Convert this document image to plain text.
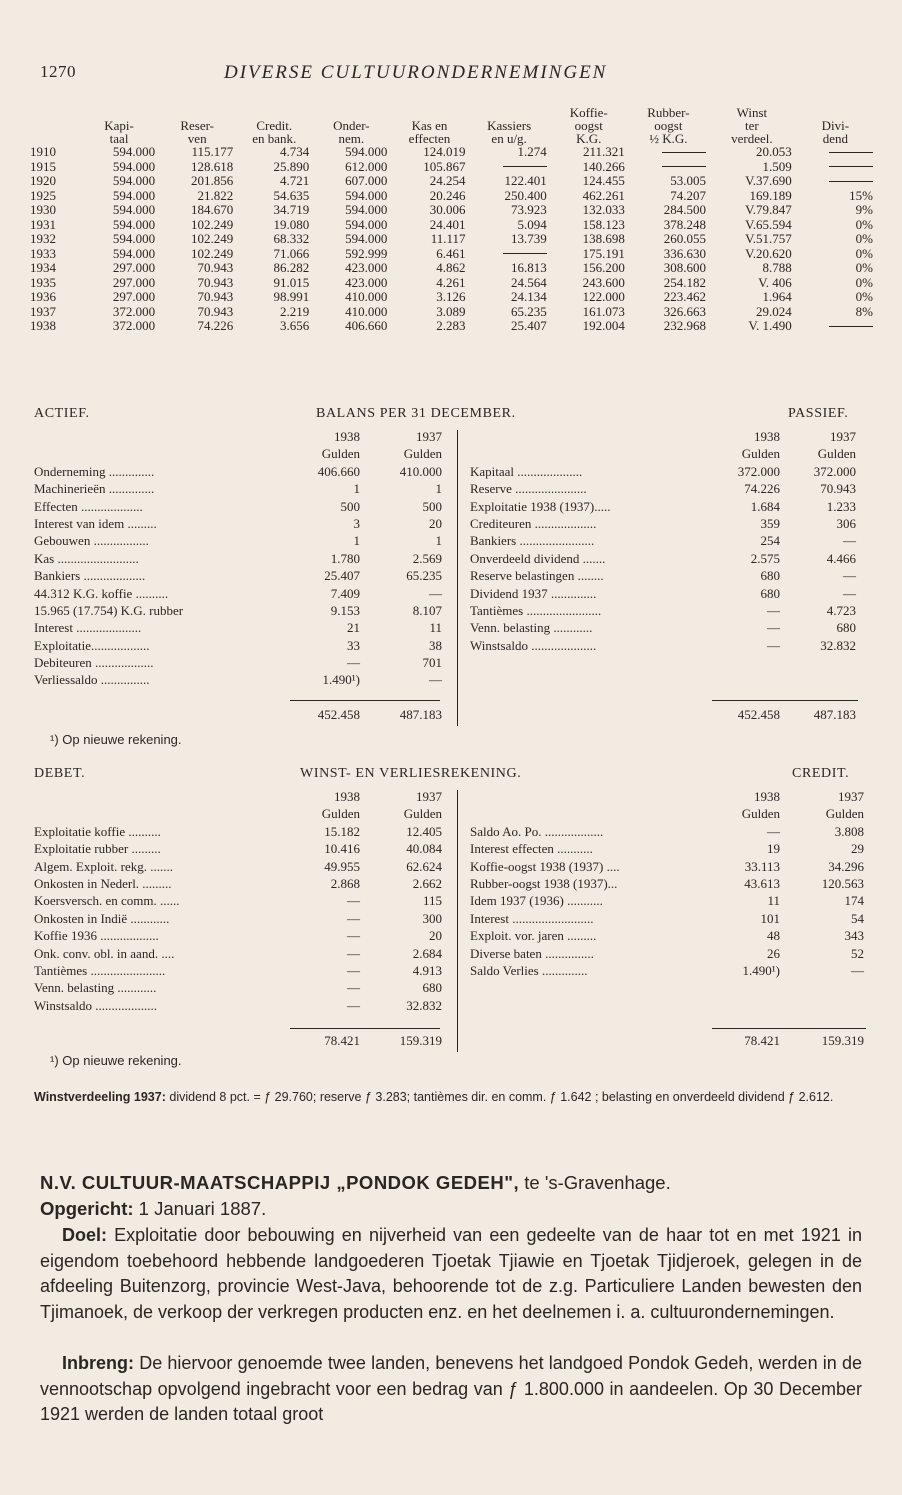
1270	DIVERSE CULTUURONDERNEMINGEN
							Koffie-	Rubber-	Winst	
	Kapi-	Reser-	Credit.	Onder-	Kas en	Kassiers	oogst	oogst	ter	Divi-
	taal	ven	en bank.	nem.	effecten	en u/g.	K.G.	½ K.G.	verdeel.	dend
1910	594.000	115.177	4.734	594.000	124.019	1.274	211.321		20.053	
1915	594.000	128.618	25.890	612.000	105.867		140.266		1.509	
1920	594.000	201.856	4.721	607.000	24.254	122.401	124.455	53.005	V.37.690	
1925	594.000	21.822	54.635	594.000	20.246	250.400	462.261	74.207	169.189	15%
1930	594.000	184.670	34.719	594.000	30.006	73.923	132.033	284.500	V.79.847	9%
1931	594.000	102.249	19.080	594.000	24.401	5.094	158.123	378.248	V.65.594	0%
1932	594.000	102.249	68.332	594.000	11.117	13.739	138.698	260.055	V.51.757	0%
1933	594.000	102.249	71.066	592.999	6.461		175.191	336.630	V.20.620	0%
1934	297.000	70.943	86.282	423.000	4.862	16.813	156.200	308.600	8.788	0%
1935	297.000	70.943	91.015	423.000	4.261	24.564	243.600	254.182	V. 406	0%
1936	297.000	70.943	98.991	410.000	3.126	24.134	122.000	223.462	1.964	0%
1937	372.000	70.943	2.219	410.000	3.089	65.235	161.073	326.663	29.024	8%
1938	372.000	74.226	3.656	406.660	2.283	25.407	192.004	232.968	V. 1.490	
ACTIEF.	BALANS PER 31 DECEMBER.	PASSIEF.
1938	1937
Gulden	Gulden
Onderneming ..............	406.660	410.000
Machinerieën ..............	1	1
Effecten ...................	500	500
Interest van idem .........	3	20
Gebouwen .................	1	1
Kas .........................	1.780	2.569
Bankiers ...................	25.407	65.235
44.312 K.G. koffie ..........	7.409	—
15.965 (17.754) K.G. rubber	9.153	8.107
Interest ....................	21	11
Exploitatie..................	33	38
Debiteuren ..................	—	701
Verliessaldo ...............	1.490¹)	—
1938	1937
Gulden	Gulden
Kapitaal ....................	372.000	372.000
Reserve ......................	74.226	70.943
Exploitatie 1938 (1937).....	1.684	1.233
Crediteuren ...................	359	306
Bankiers .......................	254	—
Onverdeeld dividend .......	2.575	4.466
Reserve belastingen ........	680	—
Dividend 1937 ..............	680	—
Tantièmes .......................	—	4.723
Venn. belasting ............	—	680
Winstsaldo ....................	—	32.832
452.458	487.183	452.458	487.183
¹) Op nieuwe rekening.
DEBET.	WINST- EN VERLIESREKENING.	CREDIT.
1938	1937
Gulden	Gulden
Exploitatie koffie ..........	15.182	12.405
Exploitatie rubber .........	10.416	40.084
Algem. Exploit. rekg. .......	49.955	62.624
Onkosten in Nederl. .........	2.868	2.662
Koersversch. en comm. ......	—	115
Onkosten in Indië ............	—	300
Koffie 1936 ..................	—	20
Onk. conv. obl. in aand. ....	—	2.684
Tantièmes .......................	—	4.913
Venn. belasting ............	—	680
Winstsaldo ...................	—	32.832
1938	1937
Gulden	Gulden
Saldo Ao. Po. ..................	—	3.808
Interest effecten ...........	19	29
Koffie-oogst 1938 (1937) ....	33.113	34.296
Rubber-oogst 1938 (1937)...	43.613	120.563
Idem 1937 (1936) ...........	11	174
Interest .........................	101	54
Exploit. vor. jaren .........	48	343
Diverse baten ...............	26	52
Saldo Verlies ..............	1.490¹)	—
78.421	159.319	78.421	159.319
¹) Op nieuwe rekening.
Winstverdeeling 1937: dividend 8 pct. = ƒ 29.760; reserve ƒ 3.283; tantièmes dir. en comm. ƒ 1.642 ; belasting en onverdeeld dividend ƒ 2.612.
N.V. CULTUUR-MAATSCHAPPIJ „PONDOK GEDEH", te 's-Gravenhage.
Opgericht: 1 Januari 1887.
Doel: Exploitatie door bebouwing en nijverheid van een gedeelte van de haar tot en met 1921 in eigendom toebehoord hebbende landgoederen Tjoetak Tjiawie en Tjoetak Tjidjeroek, gelegen in de afdeeling Buitenzorg, provincie West-Java, behoorende tot de z.g. Particuliere Landen bewesten den Tjimanoek, de verkoop der verkregen producten enz. en het deelnemen i. a. cultuurondernemingen.
Inbreng: De hiervoor genoemde twee landen, benevens het landgoed Pondok Gedeh, werden in de vennootschap opvolgend ingebracht voor een bedrag van ƒ 1.800.000 in aandeelen. Op 30 December 1921 werden de landen totaal groot
